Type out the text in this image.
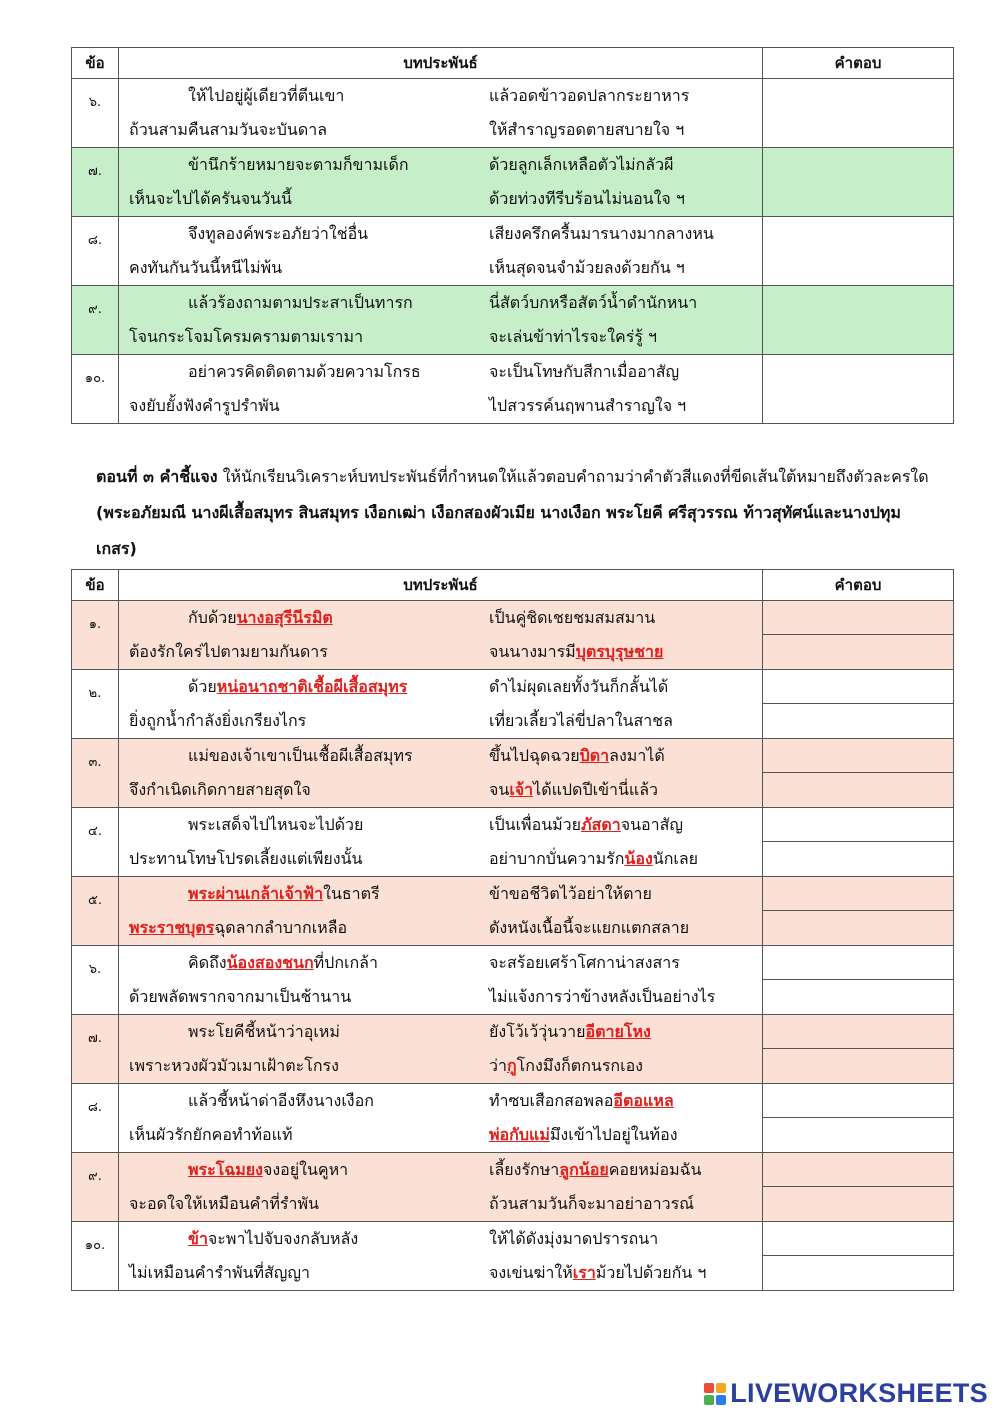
ข้อ	บทประพันธ์	คำตอบ
๖.	ให้ไปอยู่ผู้เดียวที่ตีนเขา แล้วอดข้าวอดปลากระยาหาร
ถ้วนสามคืนสามวันจะบันดาล ให้สำราญรอดตายสบายใจ ฯ	

๗.	ข้านึกร้ายหมายจะตามก็ขามเด็ก ด้วยลูกเล็กเหลือตัวไม่กลัวผี
เห็นจะไปได้ครันจนวันนี้ ด้วยท่วงทีรีบร้อนไม่นอนใจ ฯ	

๘.	จึงทูลองค์พระอภัยว่าใช่อื่น เสียงครึกครื้นมารนางมากลางหน
คงทันกันวันนี้หนีไม่พ้น เห็นสุดจนจำม้วยลงด้วยกัน ฯ	

๙.	แล้วร้องถามตามประสาเป็นทารก นี่สัตว์บกหรือสัตว์น้ำดำนักหนา
โจนกระโจมโครมครามตามเรามา จะเล่นข้าท่าไรจะใคร่รู้ ฯ	

๑๐.	อย่าควรคิดติดตามด้วยความโกรธ จะเป็นโทษกับสีกาเมื่ออาสัญ
จงยับยั้งฟังคำรูปรำพัน ไปสวรรค์นฤพานสำราญใจ ฯ	

ตอนที่ ๓ คำชี้แจง ให้นักเรียนวิเคราะห์บทประพันธ์ที่กำหนดให้แล้วตอบคำถามว่าคำตัวสีแดงที่ขีดเส้นใต้หมายถึงตัวละครใด (พระอภัยมณี นางผีเสื้อสมุทร สินสมุทร เงือกเฒ่า เงือกสองผัวเมีย นางเงือก พระโยคี ศรีสุวรรณ ท้าวสุทัศน์และนางปทุมเกสร)
ข้อ	บทประพันธ์	คำตอบ
๑.	กับด้วยนางอสุรีนีรมิต เป็นคู่ชิดเชยชมสมสมาน
ต้องรักใคร่ไปตามยามกันดาร จนนางมารมีบุตรบุรุษชาย	

๒.	ด้วยหน่อนาถชาติเชื้อผีเสื้อสมุทร ดำไม่ผุดเลยทั้งวันก็กลั้นได้
ยิ่งถูกน้ำกำลังยิ่งเกรียงไกร เที่ยวเลี้ยวไล่ขี่ปลาในสาชล	

๓.	แม่ของเจ้าเขาเป็นเชื้อผีเสื้อสมุทร ขึ้นไปฉุดฉวยบิดาลงมาได้
จึงกำเนิดเกิดกายสายสุดใจ จนเจ้าได้แปดปีเข้านี่แล้ว	

๔.	พระเสด็จไปไหนจะไปด้วย เป็นเพื่อนม้วยภัสดาจนอาสัญ
ประทานโทษโปรดเลี้ยงแต่เพียงนั้น อย่าบากบั่นความรักน้องนักเลย	

๕.	พระผ่านเกล้าเจ้าฟ้าในธาตรี ข้าขอชีวิตไว้อย่าให้ตาย
พระราชบุตรฉุดลากลำบากเหลือ ดังหนังเนื้อนี้จะแยกแตกสลาย	

๖.	คิดถึงน้องสองชนกที่ปกเกล้า จะสร้อยเศร้าโศกาน่าสงสาร
ด้วยพลัดพรากจากมาเป็นช้านาน ไม่แจ้งการว่าข้างหลังเป็นอย่างไร	

๗.	พระโยคีชี้หน้าว่าอุเหม่ ยังโว้เว้วุ่นวายอีตายโหง
เพราะหวงผัวมัวเมาเฝ้าตะโกรง ว่ากูโกงมึงก็ตกนรกเอง	

๘.	แล้วชี้หน้าด่าอีงหึงนางเงือก ทำซบเสือกสอพลออีตอแหล
เห็นผัวรักยักคอทำท้อแท้ พ่อกับแม่มึงเข้าไปอยู่ในท้อง	

๙.	พระโฉมยงจงอยู่ในคูหา เลี้ยงรักษาลูกน้อยคอยหม่อมฉัน
จะอดใจให้เหมือนคำที่รำพัน ถ้วนสามวันก็จะมาอย่าอาวรณ์	

๑๐.	ข้าจะพาไปจับจงกลับหลัง ให้ได้ดังมุ่งมาดปรารถนา
ไม่เหมือนคำรำพันที่สัญญา จงเข่นฆ่าให้เราม้วยไปด้วยกัน ฯ	

LIVEWORKSHEETS
